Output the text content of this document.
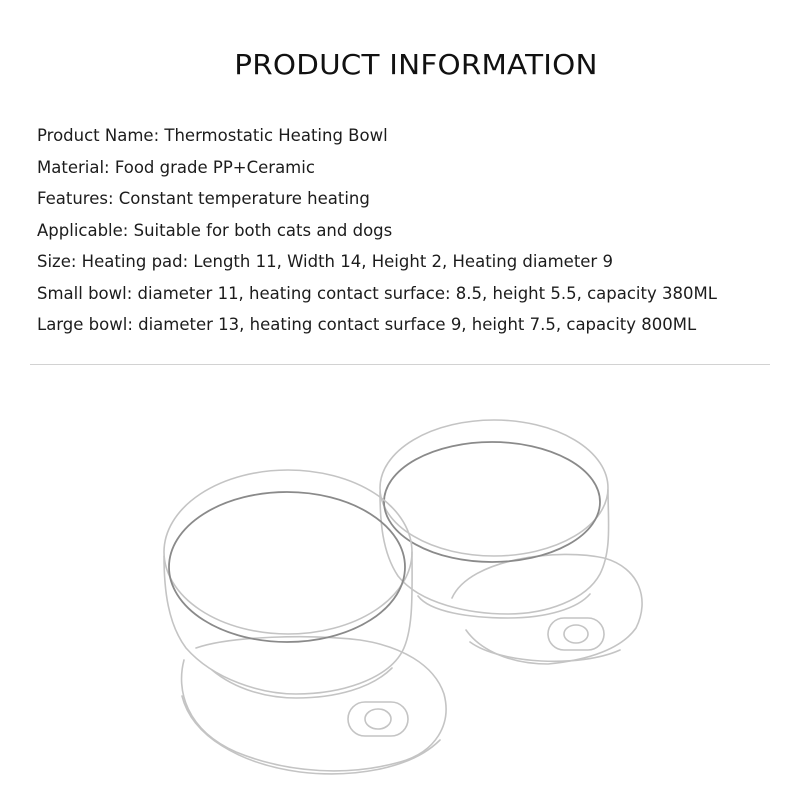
PRODUCT INFORMATION
Product Name: Thermostatic Heating Bowl
Material: Food grade PP+Ceramic
Features: Constant temperature heating
Applicable: Suitable for both cats and dogs
Size: Heating pad: Length 11, Width 14, Height 2, Heating diameter 9
Small bowl: diameter 11, heating contact surface: 8.5, height 5.5, capacity 380ML
Large bowl: diameter 13, heating contact surface 9, height 7.5, capacity 800ML
